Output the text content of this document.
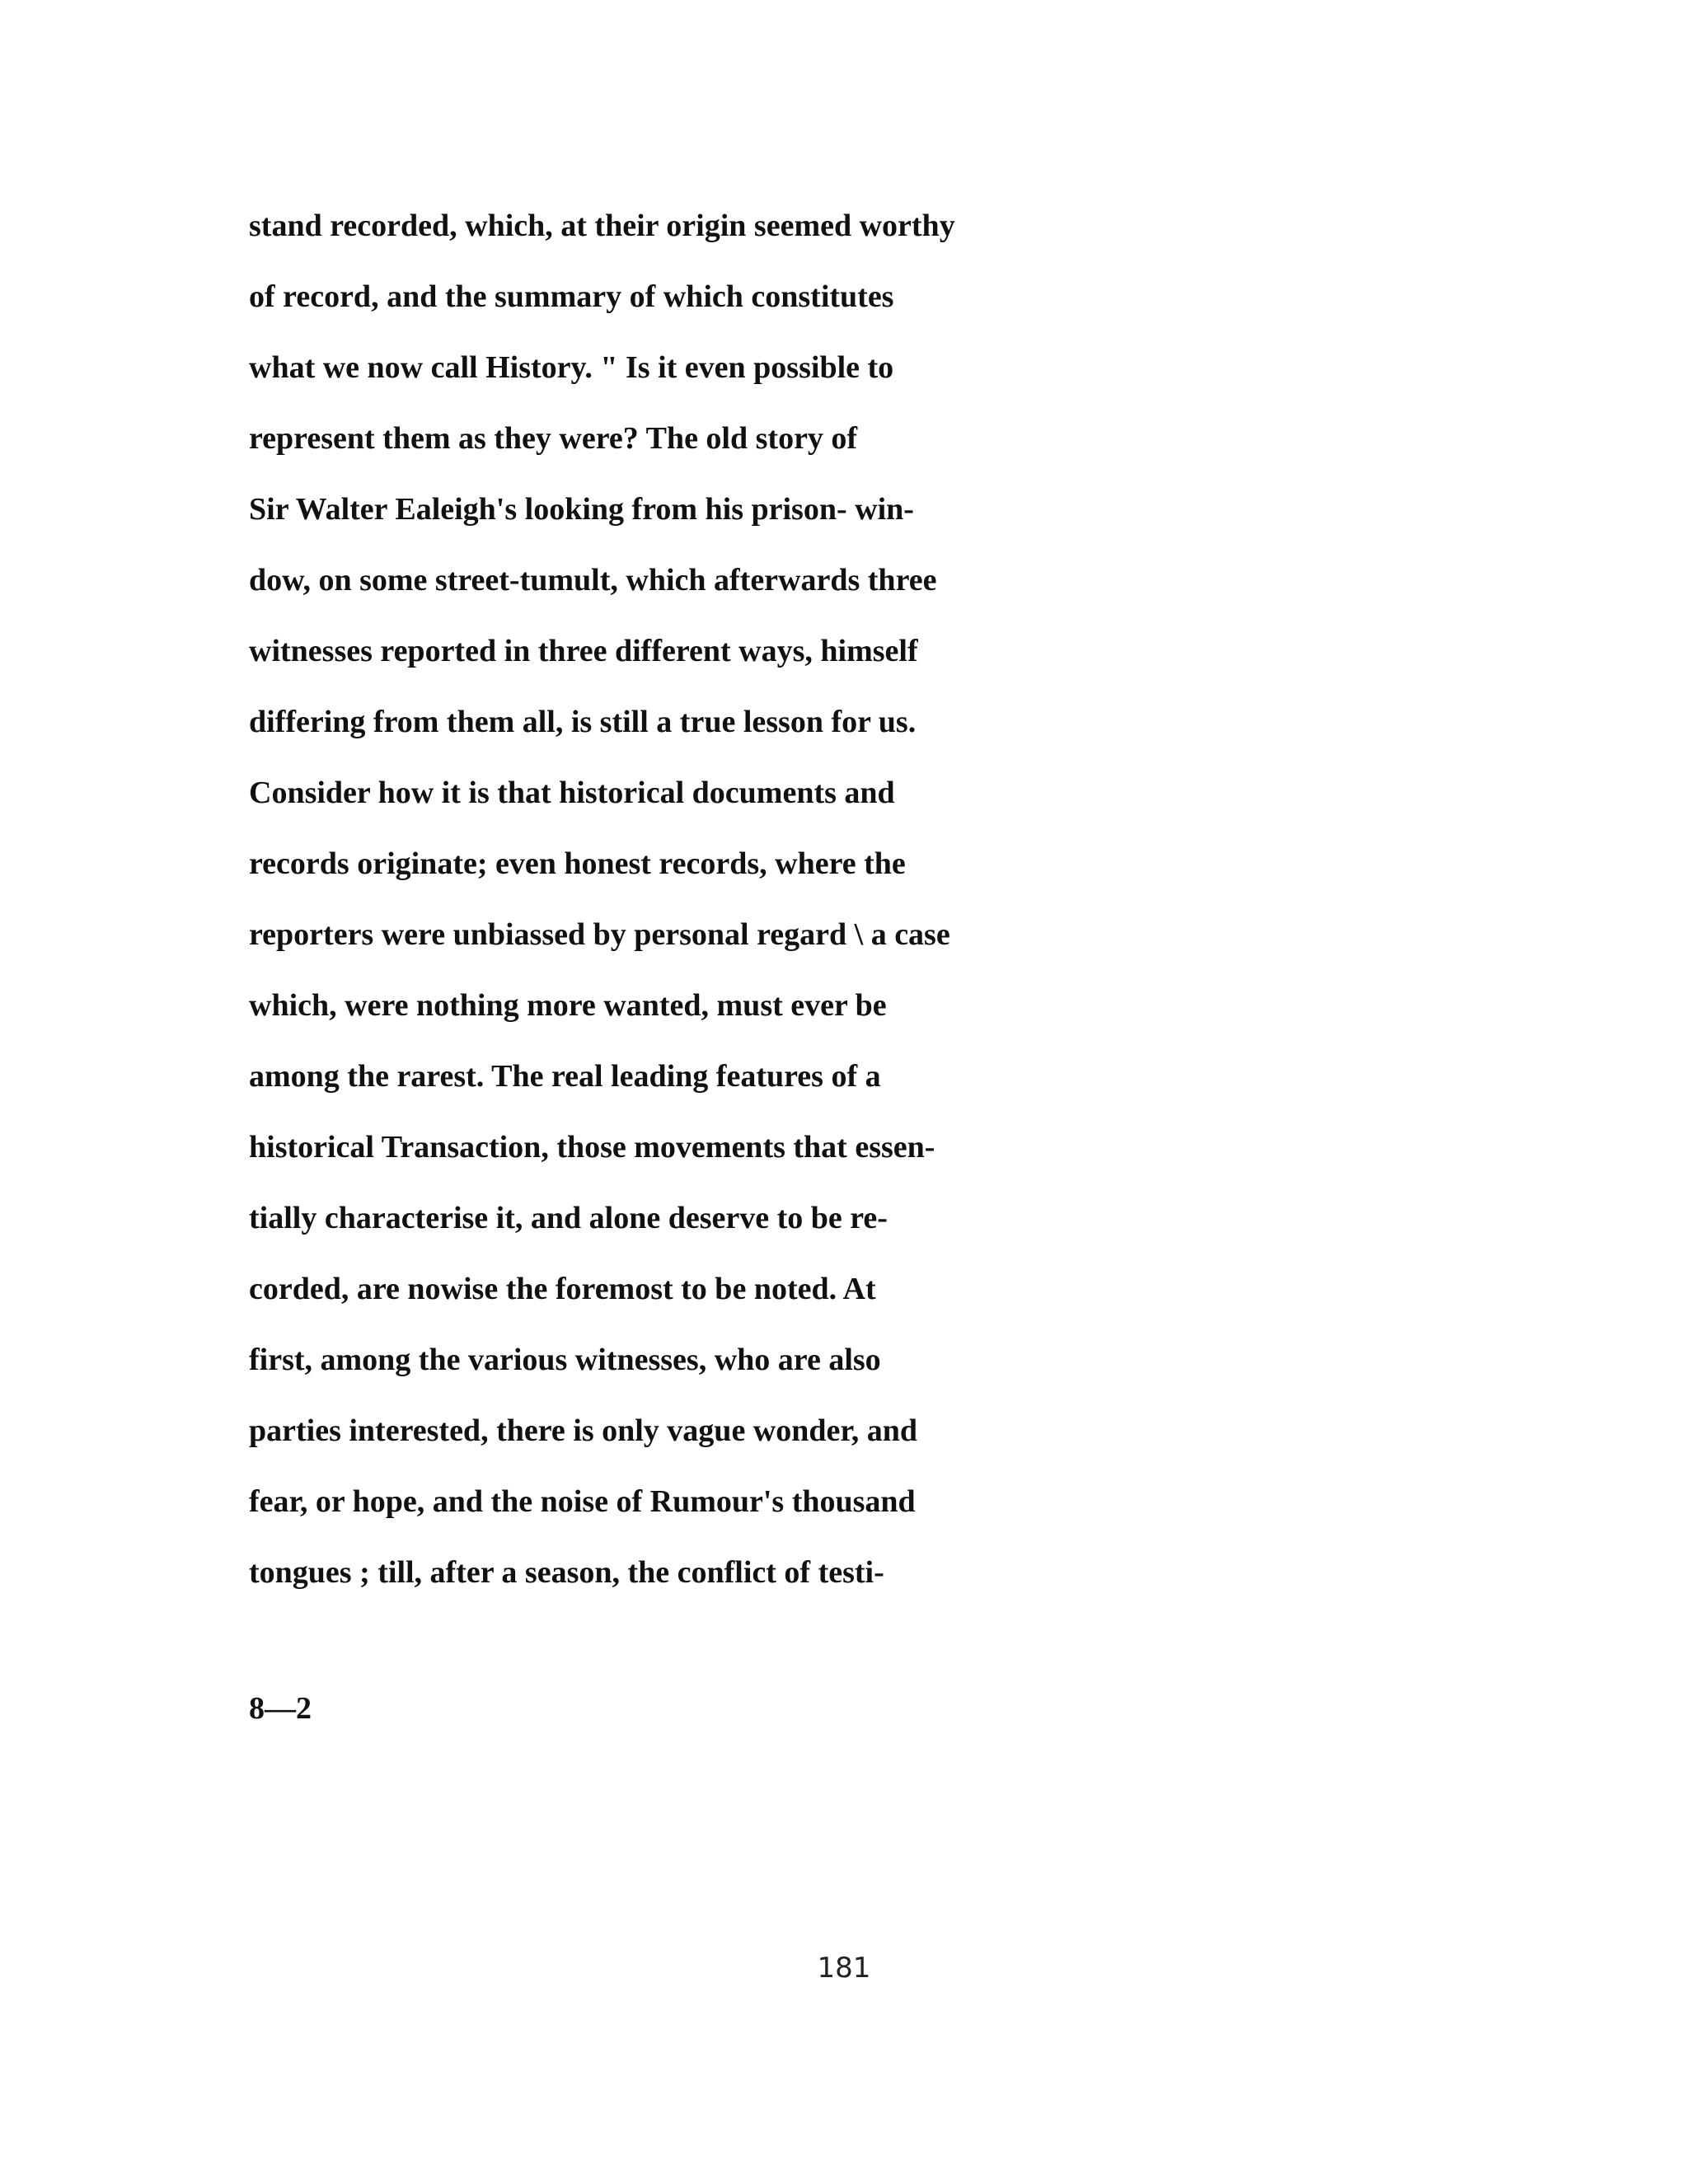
stand recorded, which, at their origin seemed worthy
of record, and the summary of which constitutes
what we now call History. " Is it even possible to
represent them as they were? The old story of
Sir Walter Ealeigh's looking from his prison- win-
dow, on some street-tumult, which afterwards three
witnesses reported in three different ways, himself
differing from them all, is still a true lesson for us.
Consider how it is that historical documents and
records originate; even honest records, where the
reporters were unbiassed by personal regard \ a case
which, were nothing more wanted, must ever be
among the rarest. The real leading features of a
historical Transaction, those movements that essen-
tially characterise it, and alone deserve to be re-
corded, are nowise the foremost to be noted. At
first, among the various witnesses, who are also
parties interested, there is only vague wonder, and
fear, or hope, and the noise of Rumour's thousand
tongues ; till, after a season, the conflict of testi-
8—2
181
